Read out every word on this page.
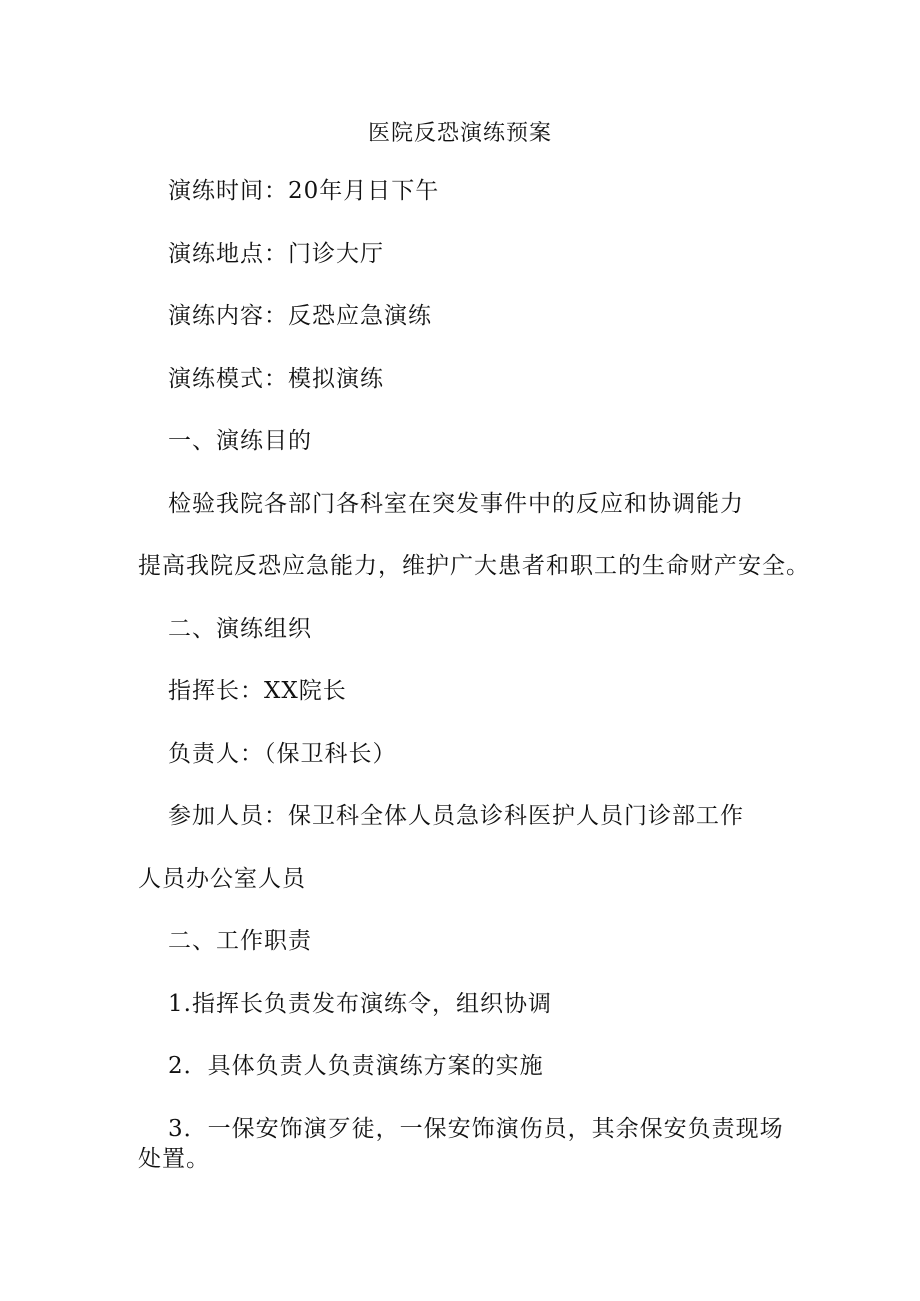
医院反恐演练预案
演练时间：20年月日下午
演练地点：门诊大厅
演练内容：反恐应急演练
演练模式：模拟演练
一、演练目的
检验我院各部门各科室在突发事件中的反应和协调能力
提高我院反恐应急能力，维护广大患者和职工的生命财产安全。
二、演练组织
指挥长：XX院长
负责人：（保卫科长）
参加人员：保卫科全体人员急诊科医护人员门诊部工作
人员办公室人员
二、工作职责
1.指挥长负责发布演练令，组织协调
2．具体负责人负责演练方案的实施
3．一保安饰演歹徒，一保安饰演伤员，其余保安负责现场处置。
